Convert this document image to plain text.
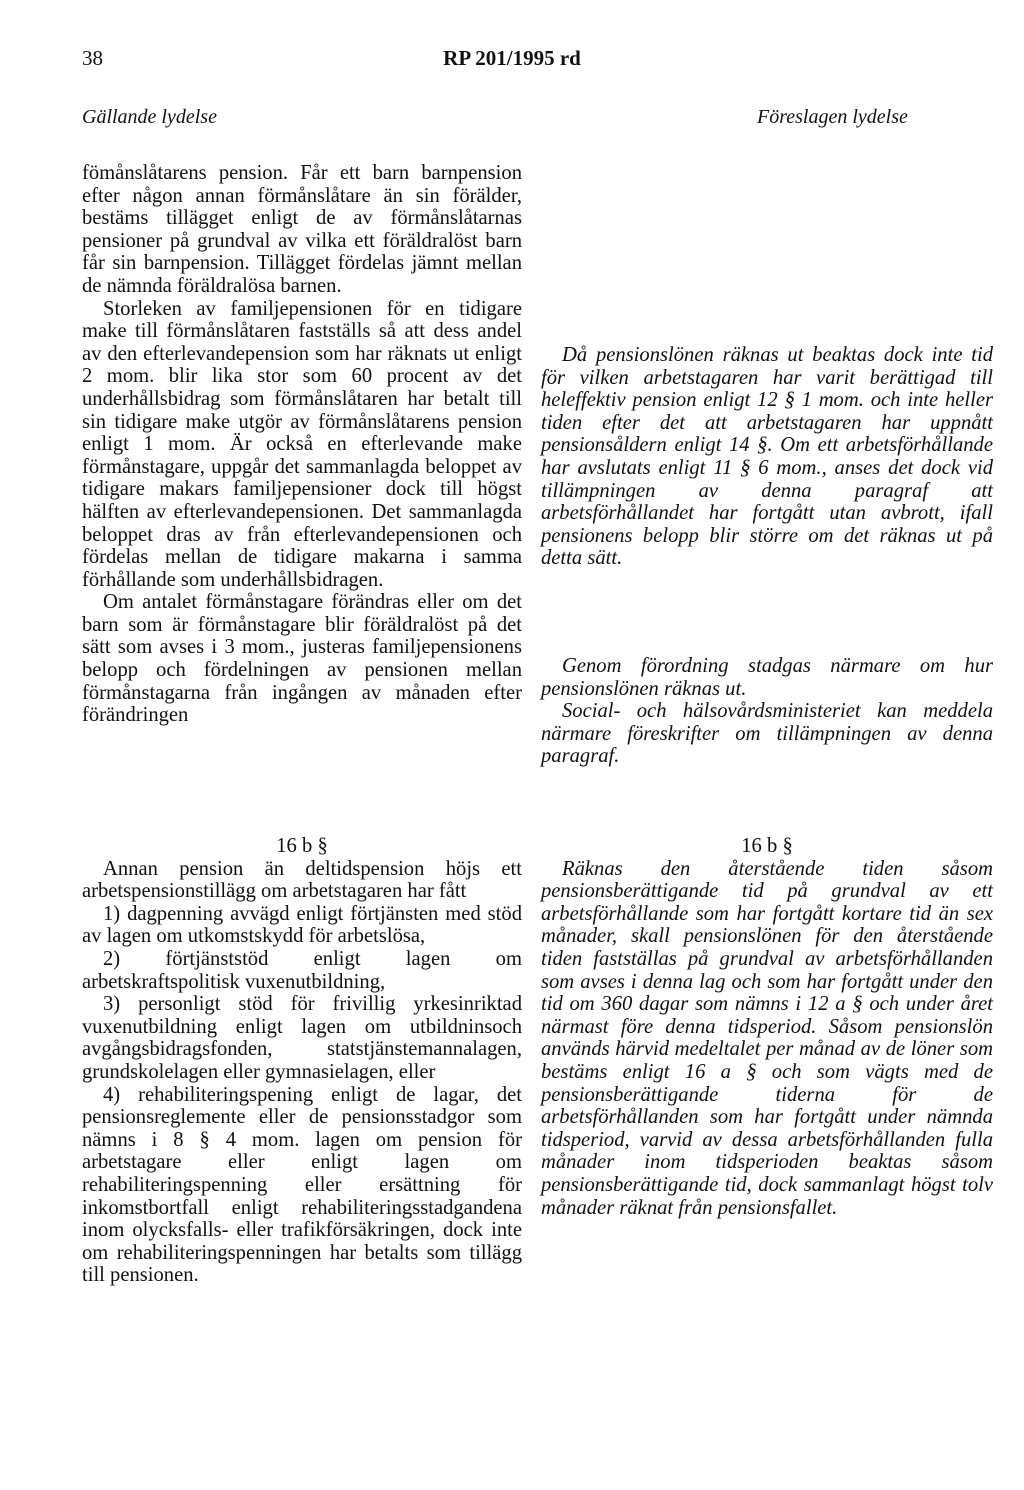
38	RP 201/1995 rd
Gällande lydelse	Föreslagen lydelse

fömånslåtarens pension. Får ett barn barnpension efter någon annan förmånslåtare än sin förälder, bestäms tillägget enligt de av förmånslåtarnas pensioner på grundval av vilka ett föräldralöst barn får sin barnpension. Tillägget fördelas jämnt mellan de nämnda föräldralösa barnen.

Storleken av familjepensionen för en tidigare make till förmånslåtaren fastställs så att dess andel av den efterlevandepension som har räknats ut enligt 2 mom. blir lika stor som 60 procent av det underhållsbidrag som förmånslåtaren har betalt till sin tidigare make utgör av förmånslåtarens pension enligt 1 mom. Är också en efterlevande make förmånstagare, uppgår det sammanlagda beloppet av tidigare makars familjepensioner dock till högst hälften av efterlevandepensionen. Det sammanlagda beloppet dras av från efterlevandepensionen och fördelas mellan de tidigare makarna i samma förhållande som underhållsbidragen.

Om antalet förmånstagare förändras eller om det barn som är förmånstagare blir föräldralöst på det sätt som avses i 3 mom., justeras familjepensionens belopp och fördelningen av pensionen mellan förmånstagarna från ingången av månaden efter förändringen

Då pensionslönen räknas ut beaktas dock inte tid för vilken arbetstagaren har varit berättigad till heleffektiv pension enligt 12 § 1 mom. och inte heller tiden efter det att arbetstagaren har uppnått pensionsåldern enligt 14 §. Om ett arbetsförhållande har avslutats enligt 11 § 6 mom., anses det dock vid tillämpningen av denna paragraf att arbetsförhållandet har fortgått utan avbrott, ifall pensionens belopp blir större om det räknas ut på detta sätt.

Genom förordning stadgas närmare om hur pensionslönen räknas ut.

Social- och hälsovårdsministeriet kan meddela närmare föreskrifter om tillämpningen av denna paragraf.

16 b §

Annan pension än deltidspension höjs ett arbetspensionstillägg om arbetstagaren har fått

1) dagpenning avvägd enligt förtjänsten med stöd av lagen om utkomstskydd för arbetslösa,

2) förtjänststöd enligt lagen om arbetskraftspolitisk vuxenutbildning,

3) personligt stöd för frivillig yrkesinriktad vuxenutbildning enligt lagen om utbildninsoch avgångsbidragsfonden, statstjänstemannalagen, grundskolelagen eller gymnasielagen, eller

4) rehabiliteringspening enligt de lagar, det pensionsreglemente eller de pensionsstadgor som nämns i 8 § 4 mom. lagen om pension för arbetstagare eller enligt lagen om rehabiliteringspenning eller ersättning för inkomstbortfall enligt rehabiliteringsstadgandena inom olycksfalls- eller trafikförsäkringen, dock inte om rehabiliteringspenningen har betalts som tillägg till pensionen.

16 b §

Räknas den återstående tiden såsom pensionsberättigande tid på grundval av ett arbetsförhållande som har fortgått kortare tid än sex månader, skall pensionslönen för den återstående tiden fastställas på grundval av arbetsförhållanden som avses i denna lag och som har fortgått under den tid om 360 dagar som nämns i 12 a § och under året närmast före denna tidsperiod. Såsom pensionslön används härvid medeltalet per månad av de löner som bestäms enligt 16 a § och som vägts med de pensionsberättigande tiderna för de arbetsförhållanden som har fortgått under nämnda tidsperiod, varvid av dessa arbetsförhållanden fulla månader inom tidsperioden beaktas såsom pensionsberättigande tid, dock sammanlagt högst tolv månader räknat från pensionsfallet.
